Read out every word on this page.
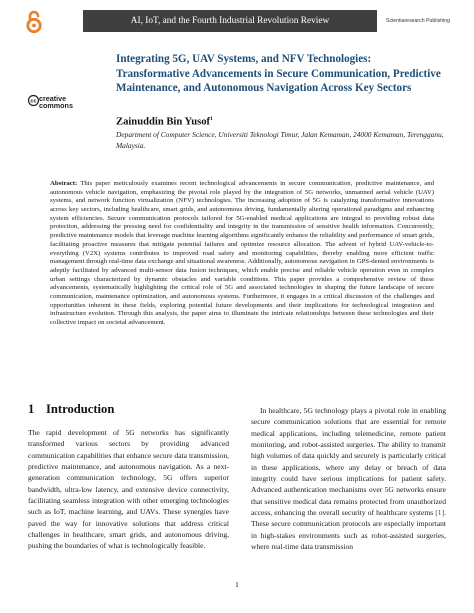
AI, IoT, and the Fourth Industrial Revolution Review	Scientiaresearch Publishing
cc creative commons
Integrating 5G, UAV Systems, and NFV Technologies: Transformative Advancements in Secure Communication, Predictive Maintenance, and Autonomous Navigation Across Key Sectors
Zainuddin Bin Yusof$^1$
Department of Computer Science, Universiti Teknologi Timur, Jalan Kemaman, 24000 Kemaman, Terengganu, Malaysia.
Abstract: This paper meticulously examines recent technological advancements in secure communication, predictive maintenance, and autonomous vehicle navigation, emphasizing the pivotal role played by the integration of 5G networks, unmanned aerial vehicle (UAV) systems, and network function virtualization (NFV) technologies. The increasing adoption of 5G is catalyzing transformative innovations across key sectors, including healthcare, smart grids, and autonomous driving, fundamentally altering operational paradigms and enhancing system efficiencies. Secure communication protocols tailored for 5G-enabled medical applications are integral to providing robust data protection, addressing the pressing need for confidentiality and integrity in the transmission of sensitive health information. Concurrently, predictive maintenance models that leverage machine learning algorithms significantly enhance the reliability and performance of smart grids, facilitating proactive measures that mitigate potential failures and optimize resource allocation. The advent of hybrid UAV-vehicle-to-everything (V2X) systems contributes to improved road safety and monitoring capabilities, thereby enabling more efficient traffic management through real-time data exchange and situational awareness. Additionally, autonomous navigation in GPS-denied environments is adeptly facilitated by advanced multi-sensor data fusion techniques, which enable precise and reliable vehicle operation even in complex urban settings characterized by dynamic obstacles and variable conditions. This paper provides a comprehensive review of these advancements, systematically highlighting the critical role of 5G and associated technologies in shaping the future landscape of secure communication, maintenance optimization, and autonomous systems. Furthermore, it engages in a critical discussion of the challenges and opportunities inherent in these fields, exploring potential future developments and their implications for technological integration and infrastructure evolution. Through this analysis, the paper aims to illuminate the intricate relationships between these technologies and their collective impact on societal advancement.
1 Introduction
The rapid development of 5G networks has significantly transformed various sectors by providing advanced communication capabilities that enhance secure data transmission, predictive maintenance, and autonomous navigation. As a next-generation communication technology, 5G offers superior bandwidth, ultra-low latency, and extensive device connectivity, facilitating seamless integration with other emerging technologies such as IoT, machine learning, and UAVs. These synergies have paved the way for innovative solutions that address critical challenges in healthcare, smart grids, and autonomous driving, pushing the boundaries of what is technologically feasible.
In healthcare, 5G technology plays a pivotal role in enabling secure communication solutions that are essential for remote medical applications, including telemedicine, remote patient monitoring, and robot-assisted surgeries. The ability to transmit high volumes of data quickly and securely is particularly critical in these applications, where any delay or breach of data integrity could have serious implications for patient safety. Advanced authentication mechanisms over 5G networks ensure that sensitive medical data remains protected from unauthorized access, enhancing the overall security of healthcare systems [1]. These secure communication protocols are especially important in high-stakes environments such as robot-assisted surgeries, where real-time data transmission
1
